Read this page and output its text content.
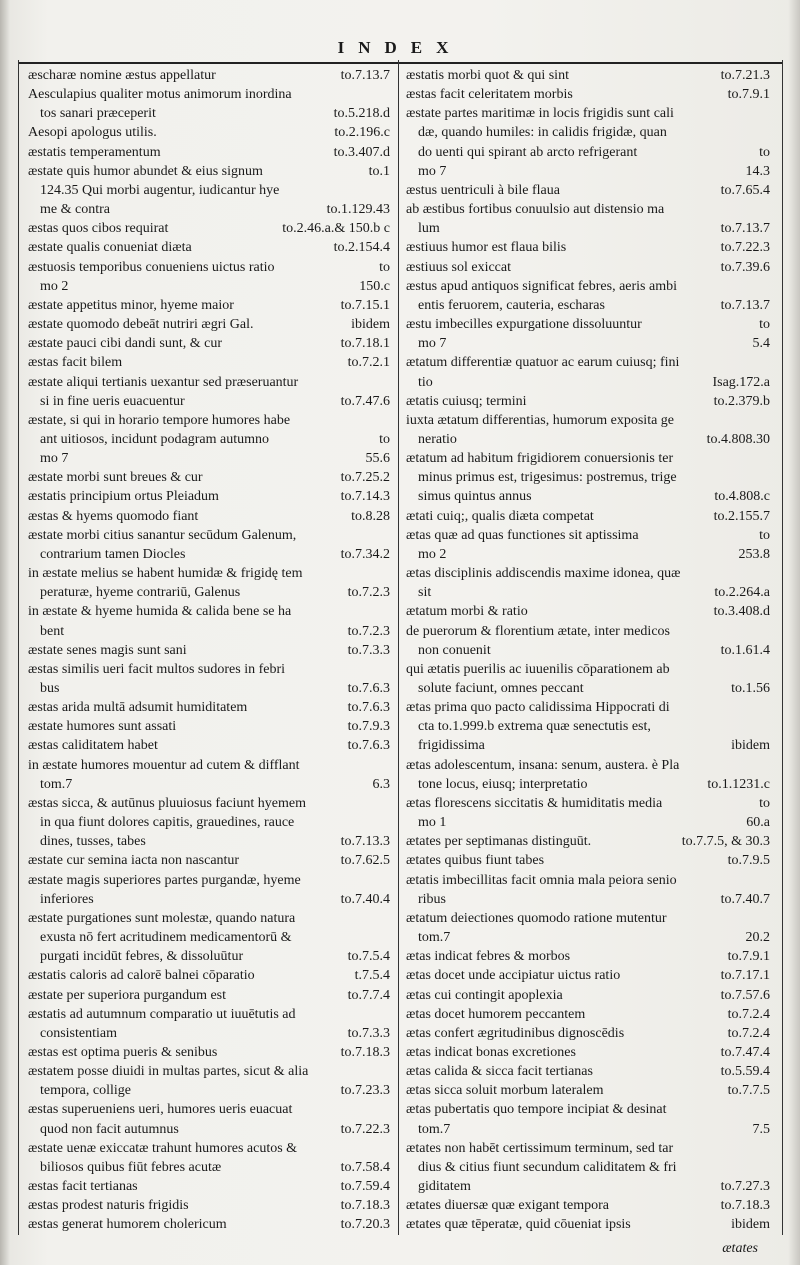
INDEX
to.7.13.7
æscharæ nomine æstus appellatur
Aesculapius qualiter motus animorum inordina
to.5.218.d
tos sanari præceperit
to.2.196.c
Aesopi apologus utilis.
to.3.407.d
æstatis temperamentum
to.1
æstate quis humor abundet & eius signum
124.35 Qui morbi augentur, iudicantur hye
to.1.129.43
me & contra
to.2.46.a.& 150.b c
æstas quos cibos requirat
to.2.154.4
æstate qualis conueniat diæta
to
æstuosis temporibus conueniens uictus ratio
150.c
mo 2
to.7.15.1
æstate appetitus minor, hyeme maior
ibidem
æstate quomodo debeāt nutriri ægri Gal.
to.7.18.1
æstate pauci cibi dandi sunt, & cur
to.7.2.1
æstas facit bilem
æstate aliqui tertianis uexantur sed præseruantur
to.7.47.6
si in fine ueris euacuentur
æstate, si qui in horario tempore humores habe
to
ant uitiosos, incidunt podagram autumno
55.6
mo 7
to.7.25.2
æstate morbi sunt breues & cur
to.7.14.3
æstatis principium ortus Pleiadum
to.8.28
æstas & hyems quomodo fiant
æstate morbi citius sanantur secūdum Galenum,
to.7.34.2
contrarium tamen Diocles
in æstate melius se habent humidæ & frigidę tem
to.7.2.3
peraturæ, hyeme contrariū, Galenus
in æstate & hyeme humida & calida bene se ha
to.7.2.3
bent
to.7.3.3
æstate senes magis sunt sani
æstas similis ueri facit multos sudores in febri
to.7.6.3
bus
to.7.6.3
æstas arida multā adsumit humiditatem
to.7.9.3
æstate humores sunt assati
to.7.6.3
æstas caliditatem habet
in æstate humores mouentur ad cutem & difflant
6.3
tom.7
æstas sicca, & autūnus pluuiosus faciunt hyemem
in qua fiunt dolores capitis, grauedines, rauce
to.7.13.3
dines, tusses, tabes
to.7.62.5
æstate cur semina iacta non nascantur
æstate magis superiores partes purgandæ, hyeme
to.7.40.4
inferiores
æstate purgationes sunt molestæ, quando natura
exusta nō fert acritudinem medicamentorū &
to.7.5.4
purgati incidūt febres, & dissoluūtur
t.7.5.4
æstatis caloris ad calorē balnei cōparatio
to.7.7.4
æstate per superiora purgandum est
æstatis ad autumnum comparatio ut iuuētutis ad
to.7.3.3
consistentiam
to.7.18.3
æstas est optima pueris & senibus
æstatem posse diuidi in multas partes, sicut & alia
to.7.23.3
tempora, collige
æstas superueniens ueri, humores ueris euacuat
to.7.22.3
quod non facit autumnus
æstate uenæ exiccatæ trahunt humores acutos &
to.7.58.4
biliosos quibus fiūt febres acutæ
to.7.59.4
æstas facit tertianas
to.7.18.3
æstas prodest naturis frigidis
to.7.20.3
æstas generat humorem cholericum
to.7.21.3
æstatis morbi quot & qui sint
to.7.9.1
æstas facit celeritatem morbis
æstate partes maritimæ in locis frigidis sunt cali
dæ, quando humiles: in calidis frigidæ, quan
to
do uenti qui spirant ab arcto refrigerant
14.3
mo 7
to.7.65.4
æstus uentriculi à bile flaua
ab æstibus fortibus conuulsio aut distensio ma
to.7.13.7
lum
to.7.22.3
æstiuus humor est flaua bilis
to.7.39.6
æstiuus sol exiccat
æstus apud antiquos significat febres, aeris ambi
to.7.13.7
entis feruorem, cauteria, escharas
to
æstu imbecilles expurgatione dissoluuntur
5.4
mo 7
ætatum differentiæ quatuor ac earum cuiusq; fini
Isag.172.a
tio
to.2.379.b
ætatis cuiusq; termini
iuxta ætatum differentias, humorum exposita ge
to.4.808.30
neratio
ætatum ad habitum frigidiorem conuersionis ter
minus primus est, trigesimus: postremus, trige
to.4.808.c
simus quintus annus
to.2.155.7
ætati cuiq;, qualis diæta competat
to
ætas quæ ad quas functiones sit aptissima
253.8
mo 2
ætas disciplinis addiscendis maxime idonea, quæ
to.2.264.a
sit
to.3.408.d
ætatum morbi & ratio
de puerorum & florentium ætate, inter medicos
to.1.61.4
non conuenit
qui ætatis puerilis ac iuuenilis cōparationem ab
to.1.56
solute faciunt, omnes peccant
ætas prima quo pacto calidissima Hippocrati di
cta to.1.999.b extrema quæ senectutis est,
ibidem
frigidissima
ætas adolescentum, insana: senum, austera. è Pla
to.1.1231.c
tone locus, eiusq; interpretatio
to
ætas florescens siccitatis & humiditatis media
60.a
mo 1
to.7.7.5, & 30.3
ætates per septimanas distinguūt.
to.7.9.5
ætates quibus fiunt tabes
ætatis imbecillitas facit omnia mala peiora senio
to.7.40.7
ribus
ætatum deiectiones quomodo ratione mutentur
20.2
tom.7
to.7.9.1
ætas indicat febres & morbos
to.7.17.1
ætas docet unde accipiatur uictus ratio
to.7.57.6
ætas cui contingit apoplexia
to.7.2.4
ætas docet humorem peccantem
to.7.2.4
ætas confert ægritudinibus dignoscēdis
to.7.47.4
ætas indicat bonas excretiones
to.5.59.4
ætas calida & sicca facit tertianas
to.7.7.5
ætas sicca soluit morbum lateralem
ætas pubertatis quo tempore incipiat & desinat
7.5
tom.7
ætates non habēt certissimum terminum, sed tar
dius & citius fiunt secundum caliditatem & fri
to.7.27.3
giditatem
to.7.18.3
ætates diuersæ quæ exigant tempora
ibidem
ætates quæ tēperatæ, quid cōueniat ipsis
ætates
